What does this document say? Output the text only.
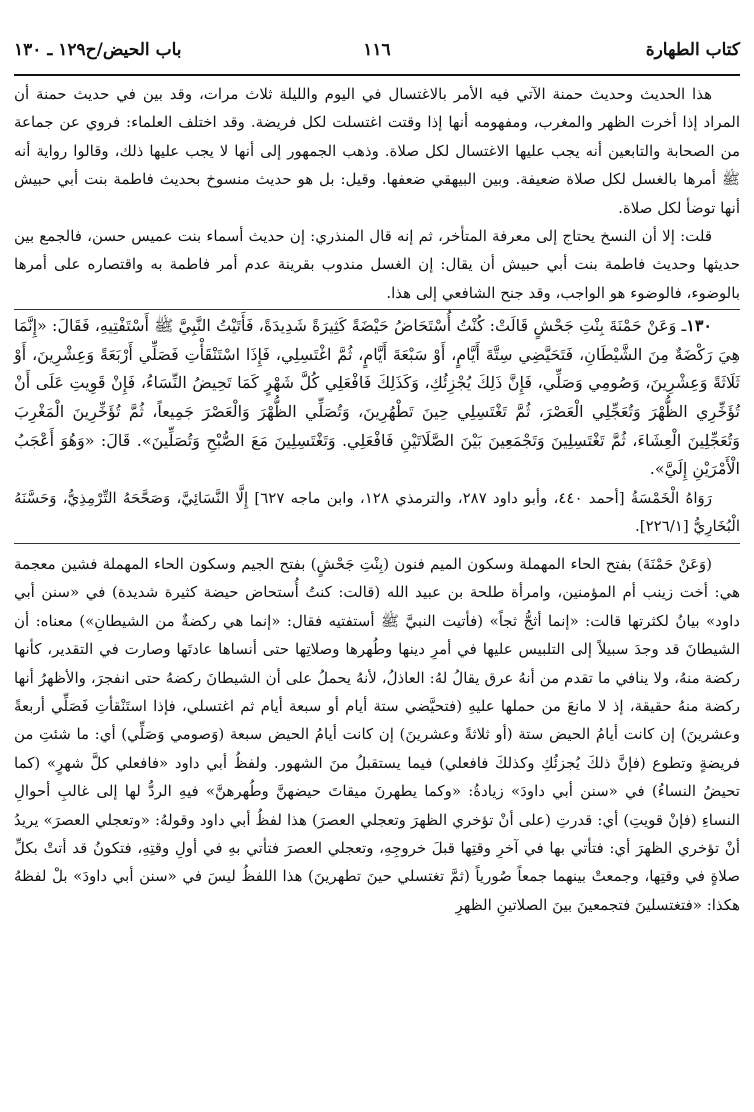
كتاب الطهارة
١١٦
باب الحيض/ح١٢٩ ـ ١٣٠

هذا الحديث وحديث حمنة الآتي فيه الأمر بالاغتسال في اليوم والليلة ثلاث مرات، وقد بين في حديث حمنة أن المراد إذا أخرت الظهر والمغرب، ومفهومه أنها إذا وقتت اغتسلت لكل فريضة. وقد اختلف العلماء: فروي عن جماعة من الصحابة والتابعين أنه يجب عليها الاغتسال لكل صلاة. وذهب الجمهور إلى أنها لا يجب عليها ذلك، وقالوا رواية أنه ﷺ أمرها بالغسل لكل صلاة ضعيفة. وبين البيهقي ضعفها. وقيل: بل هو حديث منسوخ بحديث فاطمة بنت أبي حبيش أنها توضأ لكل صلاة.

قلت: إلا أن النسخ يحتاج إلى معرفة المتأخر، ثم إنه قال المنذري: إن حديث أسماء بنت عميس حسن، فالجمع بين حديثها وحديث فاطمة بنت أبي حبيش أن يقال: إن الغسل مندوب بقرينة عدم أمر فاطمة به واقتصاره على أمرها بالوضوء، فالوضوء هو الواجب، وقد جنح الشافعي إلى هذا.

١٣٠ـ وَعَنْ حَمْنَةَ بِنْتِ جَحْشٍ قَالَتْ: كُنْتُ أُسْتَحَاضُ حَيْضَةً كَثِيرَةً شَدِيدَةً، فَأَتَيْتُ النَّبِيَّ ﷺ أَسْتَفْتِيهِ، فَقَالَ: «إِنَّمَا هِيَ رَكْضَةٌ مِنَ الشَّيْطَانِ، فَتَحَيَّضِي سِتَّةَ أَيَّامٍ، أَوْ سَبْعَةَ أَيَّامٍ، ثُمَّ اغْتَسِلِي، فَإِذَا اسْتَنْقَأْتِ فَصَلِّي أَرْبَعَةً وَعِشْرِينَ، أَوْ ثَلَاثَةً وَعِشْرِينَ، وَصُومِي وَصَلِّي، فَإِنَّ ذَلِكَ يُجْزِئُكِ، وَكَذَلِكَ فَافْعَلِي كُلَّ شَهْرٍ كَمَا تَحِيضُ النِّسَاءُ، فَإِنْ قَوِيتِ عَلَى أَنْ تُؤَخِّرِي الظُّهْرَ وَتُعَجِّلِي الْعَصْرَ، ثُمَّ تَغْتَسِلِي حِينَ تَطْهُرِينَ، وَتُصَلِّي الظُّهْرَ وَالْعَصْرَ جَمِيعاً، ثُمَّ تُؤَخِّرِينَ الْمَغْرِبَ وَتُعَجِّلِينَ الْعِشَاءَ، ثُمَّ تَغْتَسِلِينَ وَتَجْمَعِينَ بَيْنَ الصَّلَاتَيْنِ فَافْعَلِي. وَتَغْتَسِلِينَ مَعَ الصُّبْحِ وَتُصَلِّينَ». قَالَ: «وَهُوَ أَعْجَبُ الْأَمْرَيْنِ إِلَيَّ».

رَوَاهُ الْخَمْسَةُ [أحمد ٤٤٠، وأبو داود ٢٨٧، والترمذي ١٢٨، وابن ماجه ٦٢٧] إِلَّا النَّسَائِيَّ، وَصَحَّحَهُ التِّرْمِذِيُّ، وَحَسَّنَهُ الْبُخَارِيُّ [٢٢٦/١].

(وَعَنْ حَمْنَةَ) بفتح الحاء المهملة وسكون الميم فنون (بِنْتِ جَحْشٍ) بفتح الجيم وسكون الحاء المهملة فشين معجمة هي: أخت زينب أم المؤمنين، وامرأة طلحة بن عبيد الله (قالت: كنتُ أُستحاض حيضة كثيرة شديدة) في «سنن أبي داود» بيانُ لكثرتها قالت: «إنما أثجُّ ثجاً» (فأتيت النبيَّ ﷺ أستفتيه فقال: «إنما هي ركضةٌ من الشيطانِ») معناه: أن الشيطانَ قد وجدَ سبيلاً إلى التلبيس عليها في أمرِ دينها وطُهرها وصلاتِها حتى أنساها عادتَها وصارت في التقدير، كأنها ركضة منهُ، ولا ينافي ما تقدم من أنهُ عرق يقالُ لهُ: العاذلُ، لأنهُ يحملُ على أن الشيطانَ ركضهُ حتى انفجرَ، والأظهرُ أنها ركضة منهُ حقيقة، إذ لا مانعَ من حملها عليهِ (فتحيَّضي ستة أيام أو سبعة أيام ثم اغتسلي، فإذا استَنْقأتِ فَصَلِّي أربعةً وعشرينَ) إن كانت أيامُ الحيض ستة (أو ثلاثةً وعشرينَ) إن كانت أيامُ الحيض سبعة (وَصومي وَصَلِّي) أي: ما شئتِ من فريضةٍ وتطوع (فإنَّ ذلكَ يُجزئُكِ وكذلكَ فافعلي) فيما يستقبلُ منَ الشهور. ولفظُ أبي داود «فافعلي كلَّ شهرٍ» (كما تحيضُ النساءُ) في «سنن أبي داودَ» زيادةُ: «وكما يطهرنَ ميقاتَ حيضهنَّ وطُهرهنَّ» فيهِ الردُّ لها إلى غالبِ أحوالِ النساءِ (فإنْ قويتِ) أي: قدرتِ (على أنْ تؤخري الظهرَ وتعجلي العصرَ) هذا لفظُ أبي داود وقولهُ: «وتعجلي العصرَ» يريدُ أنْ تؤخري الظهرَ أي: فتأتي بها في آخرِ وقتِها قبلَ خروجِهِ، وتعجلي العصرَ فتأتي بهِ في أولِ وقتِهِ، فتكونُ قد أتتْ بكلِّ صلاةٍ في وقتِها، وجمعتْ بينهما جمعاً صُورياً (ثمَّ تغتسلي حينَ تطهرينَ) هذا اللفظُ ليسَ في «سنن أبي داودَ» بلْ لفظهُ هكذا: «فتغتسلينَ فتجمعينَ بينَ الصلاتينِ الظهرِ
